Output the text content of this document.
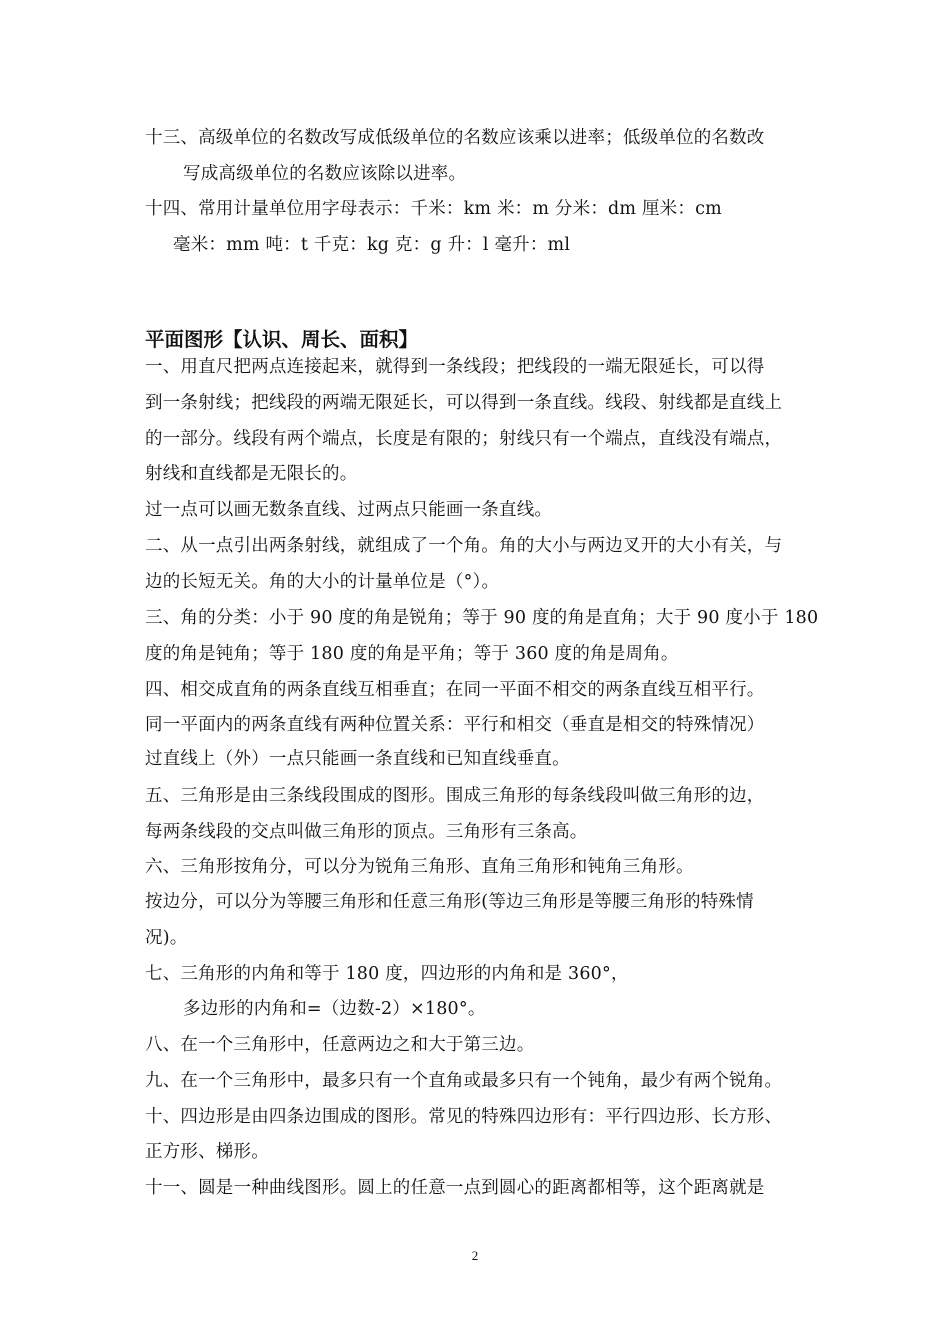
十三、高级单位的名数改写成低级单位的名数应该乘以进率；低级单位的名数改
写成高级单位的名数应该除以进率。
十四、常用计量单位用字母表示：千米：km 米：m 分米：dm 厘米：cm
毫米：mm 吨：t 千克：kg 克：g 升：l 毫升：ml
平面图形【认识、周长、面积】
一、用直尺把两点连接起来，就得到一条线段；把线段的一端无限延长，可以得
到一条射线；把线段的两端无限延长，可以得到一条直线。线段、射线都是直线上
的一部分。线段有两个端点，长度是有限的；射线只有一个端点，直线没有端点，
射线和直线都是无限长的。
过一点可以画无数条直线、过两点只能画一条直线。
二、从一点引出两条射线，就组成了一个角。角的大小与两边叉开的大小有关，与
边的长短无关。角的大小的计量单位是（°）。
三、角的分类：小于 90 度的角是锐角；等于 90 度的角是直角；大于 90 度小于 180
度的角是钝角；等于 180 度的角是平角；等于 360 度的角是周角。
四、相交成直角的两条直线互相垂直；在同一平面不相交的两条直线互相平行。
同一平面内的两条直线有两种位置关系：平行和相交（垂直是相交的特殊情况）
过直线上（外）一点只能画一条直线和已知直线垂直。
五、三角形是由三条线段围成的图形。围成三角形的每条线段叫做三角形的边，
每两条线段的交点叫做三角形的顶点。三角形有三条高。
六、三角形按角分，可以分为锐角三角形、直角三角形和钝角三角形。
按边分，可以分为等腰三角形和任意三角形(等边三角形是等腰三角形的特殊情
况)。
七、三角形的内角和等于 180 度，四边形的内角和是 360°，
多边形的内角和=（边数-2）×180°。
八、在一个三角形中，任意两边之和大于第三边。
九、在一个三角形中，最多只有一个直角或最多只有一个钝角，最少有两个锐角。
十、四边形是由四条边围成的图形。常见的特殊四边形有：平行四边形、长方形、
正方形、梯形。
十一、圆是一种曲线图形。圆上的任意一点到圆心的距离都相等，这个距离就是
2
